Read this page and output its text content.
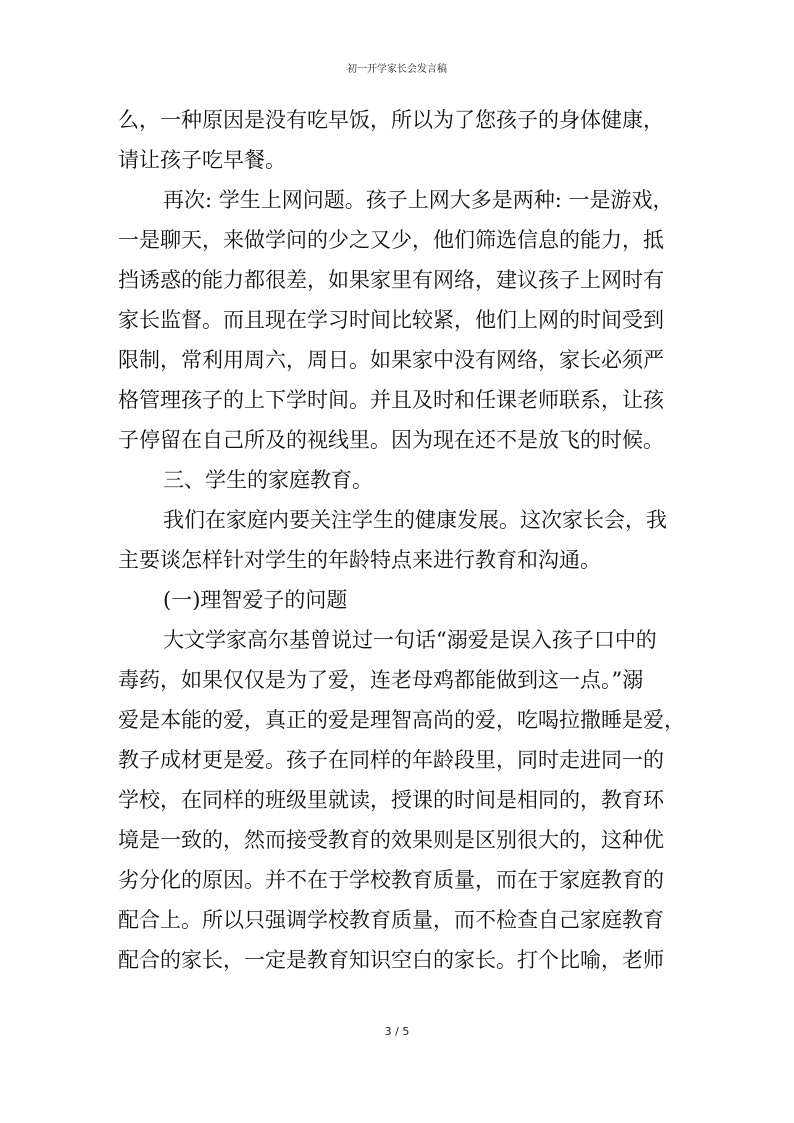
初一开学家长会发言稿
么，一种原因是没有吃早饭，所以为了您孩子的身体健康，
请让孩子吃早餐。
再次: 学生上网问题。孩子上网大多是两种: 一是游戏，
一是聊天，来做学问的少之又少，他们筛选信息的能力，抵
挡诱惑的能力都很差，如果家里有网络，建议孩子上网时有
家长监督。而且现在学习时间比较紧，他们上网的时间受到
限制，常利用周六，周日。如果家中没有网络，家长必须严
格管理孩子的上下学时间。并且及时和任课老师联系，让孩
子停留在自己所及的视线里。因为现在还不是放飞的时候。
三、学生的家庭教育。
我们在家庭内要关注学生的健康发展。这次家长会，我
主要谈怎样针对学生的年龄特点来进行教育和沟通。
(一)理智爱子的问题
大文学家高尔基曾说过一句话“溺爱是误入孩子口中的
毒药，如果仅仅是为了爱，连老母鸡都能做到这一点。”溺
爱是本能的爱，真正的爱是理智高尚的爱，吃喝拉撒睡是爱，
教子成材更是爱。孩子在同样的年龄段里，同时走进同一的
学校，在同样的班级里就读，授课的时间是相同的，教育环
境是一致的，然而接受教育的效果则是区别很大的，这种优
劣分化的原因。并不在于学校教育质量，而在于家庭教育的
配合上。所以只强调学校教育质量，而不检查自己家庭教育
配合的家长，一定是教育知识空白的家长。打个比喻，老师
3 / 5
